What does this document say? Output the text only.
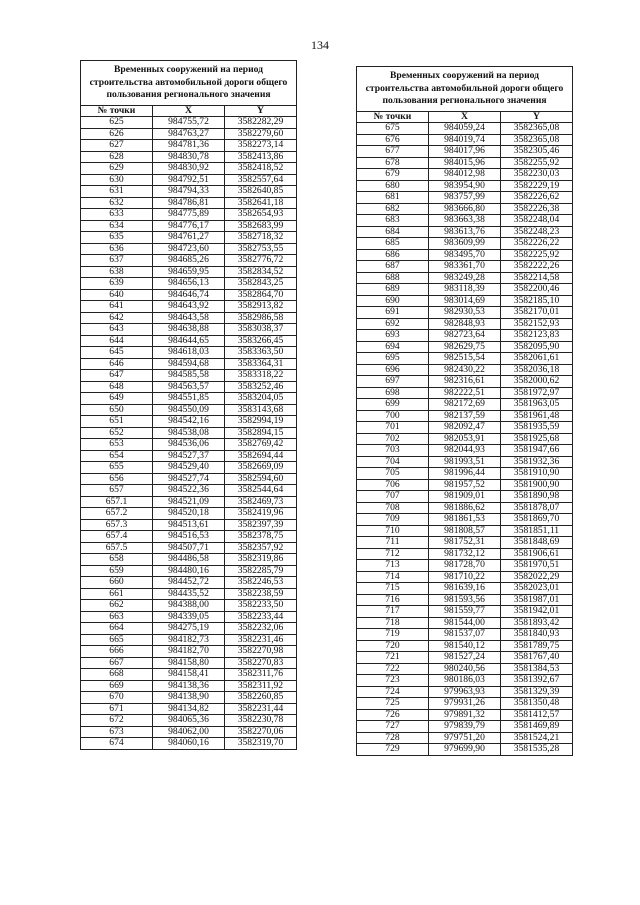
134
Временных сооружений на период строительства автомобильной дороги общего пользования регионального значения		
№ точки	X	Y
625	984755,72	3582282,29
626	984763,27	3582279,60
627	984781,36	3582273,14
628	984830,78	3582413,86
629	984830,92	3582418,52
630	984792,51	3582557,64
631	984794,33	3582640,85
632	984786,81	3582641,18
633	984775,89	3582654,93
634	984776,17	3582683,99
635	984761,27	3582718,32
636	984723,60	3582753,55
637	984685,26	3582776,72
638	984659,95	3582834,52
639	984656,13	3582843,25
640	984646,74	3582864,70
641	984643,92	3582913,82
642	984643,58	3582986,58
643	984638,88	3583038,37
644	984644,65	3583266,45
645	984618,03	3583363,50
646	984594,68	3583364,31
647	984585,58	3583318,22
648	984563,57	3583252,46
649	984551,85	3583204,05
650	984550,09	3583143,68
651	984542,16	3582994,19
652	984538,08	3582894,15
653	984536,06	3582769,42
654	984527,37	3582694,44
655	984529,40	3582669,09
656	984527,74	3582594,60
657	984522,36	3582544,64
657.1	984521,09	3582469,73
657.2	984520,18	3582419,96
657.3	984513,61	3582397,39
657.4	984516,53	3582378,75
657.5	984507,71	3582357,92
658	984486,58	3582319,86
659	984480,16	3582285,79
660	984452,72	3582246,53
661	984435,52	3582238,59
662	984388,00	3582233,50
663	984339,05	3582233,44
664	984275,19	3582232,06
665	984182,73	3582231,46
666	984182,70	3582270,98
667	984158,80	3582270,83
668	984158,41	3582311,76
669	984138,36	3582311,92
670	984138,90	3582260,85
671	984134,82	3582231,44
672	984065,36	3582230,78
673	984062,00	3582270,06
674	984060,16	3582319,70
Временных сооружений на период строительства автомобильной дороги общего пользования регионального значения		
№ точки	X	Y
675	984059,24	3582365,08
676	984019,74	3582365,08
677	984017,96	3582305,46
678	984015,96	3582255,92
679	984012,98	3582230,03
680	983954,90	3582229,19
681	983757,99	3582226,62
682	983666,80	3582226,38
683	983663,38	3582248,04
684	983613,76	3582248,23
685	983609,99	3582226,22
686	983495,70	3582225,92
687	983361,70	3582222,26
688	983249,28	3582214,58
689	983118,39	3582200,46
690	983014,69	3582185,10
691	982930,53	3582170,01
692	982848,93	3582152,93
693	982723,64	3582123,83
694	982629,75	3582095,90
695	982515,54	3582061,61
696	982430,22	3582036,18
697	982316,61	3582000,62
698	982222,51	3581972,97
699	982172,69	3581963,05
700	982137,59	3581961,48
701	982092,47	3581935,59
702	982053,91	3581925,68
703	982044,93	3581947,66
704	981993,51	3581932,36
705	981996,44	3581910,90
706	981957,52	3581900,90
707	981909,01	3581890,98
708	981886,62	3581878,07
709	981861,53	3581869,70
710	981808,57	3581851,11
711	981752,31	3581848,69
712	981732,12	3581906,61
713	981728,70	3581970,51
714	981710,22	3582022,29
715	981639,16	3582023,01
716	981593,56	3581987,01
717	981559,77	3581942,01
718	981544,00	3581893,42
719	981537,07	3581840,93
720	981540,12	3581789,75
721	981527,24	3581767,40
722	980240,56	3581384,53
723	980186,03	3581392,67
724	979963,93	3581329,39
725	979931,26	3581350,48
726	979891,32	3581412,57
727	979839,79	3581469,89
728	979751,20	3581524,21
729	979699,90	3581535,28
